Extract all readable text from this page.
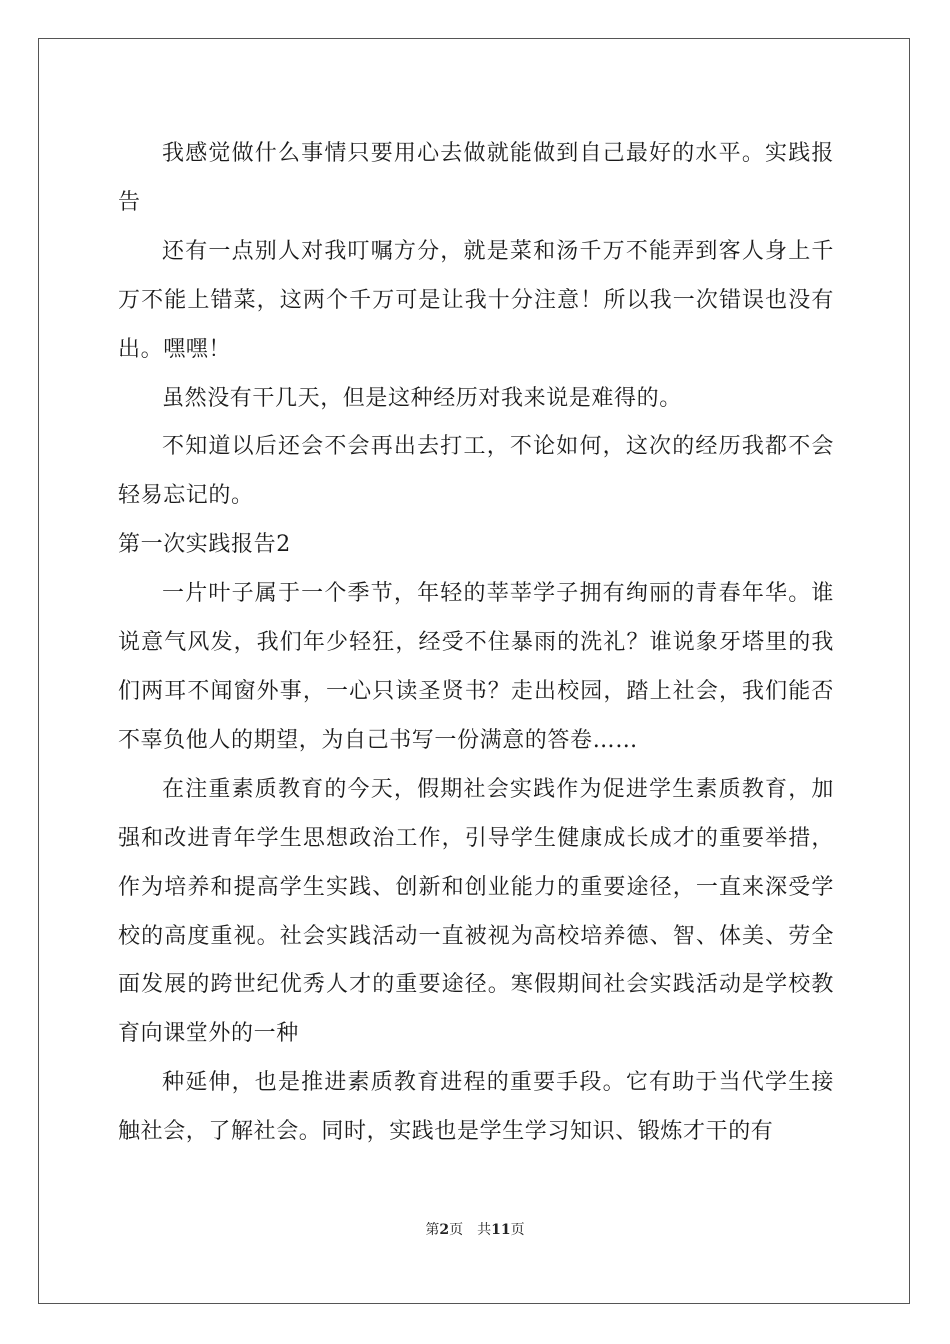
我感觉做什么事情只要用心去做就能做到自己最好的水平。实践报告

还有一点别人对我叮嘱方分，就是菜和汤千万不能弄到客人身上千万不能上错菜，这两个千万可是让我十分注意！所以我一次错误也没有出。嘿嘿！

虽然没有干几天，但是这种经历对我来说是难得的。

不知道以后还会不会再出去打工，不论如何，这次的经历我都不会轻易忘记的。

第一次实践报告2

一片叶子属于一个季节，年轻的莘莘学子拥有绚丽的青春年华。谁说意气风发，我们年少轻狂，经受不住暴雨的洗礼？谁说象牙塔里的我们两耳不闻窗外事，一心只读圣贤书？走出校园，踏上社会，我们能否不辜负他人的期望，为自己书写一份满意的答卷……

在注重素质教育的今天，假期社会实践作为促进学生素质教育，加强和改进青年学生思想政治工作，引导学生健康成长成才的重要举措，作为培养和提高学生实践、创新和创业能力的重要途径，一直来深受学校的高度重视。社会实践活动一直被视为高校培养德、智、体美、劳全面发展的跨世纪优秀人才的重要途径。寒假期间社会实践活动是学校教育向课堂外的一种

种延伸，也是推进素质教育进程的重要手段。它有助于当代学生接触社会，了解社会。同时，实践也是学生学习知识、锻炼才干的有

第2页 共11页
